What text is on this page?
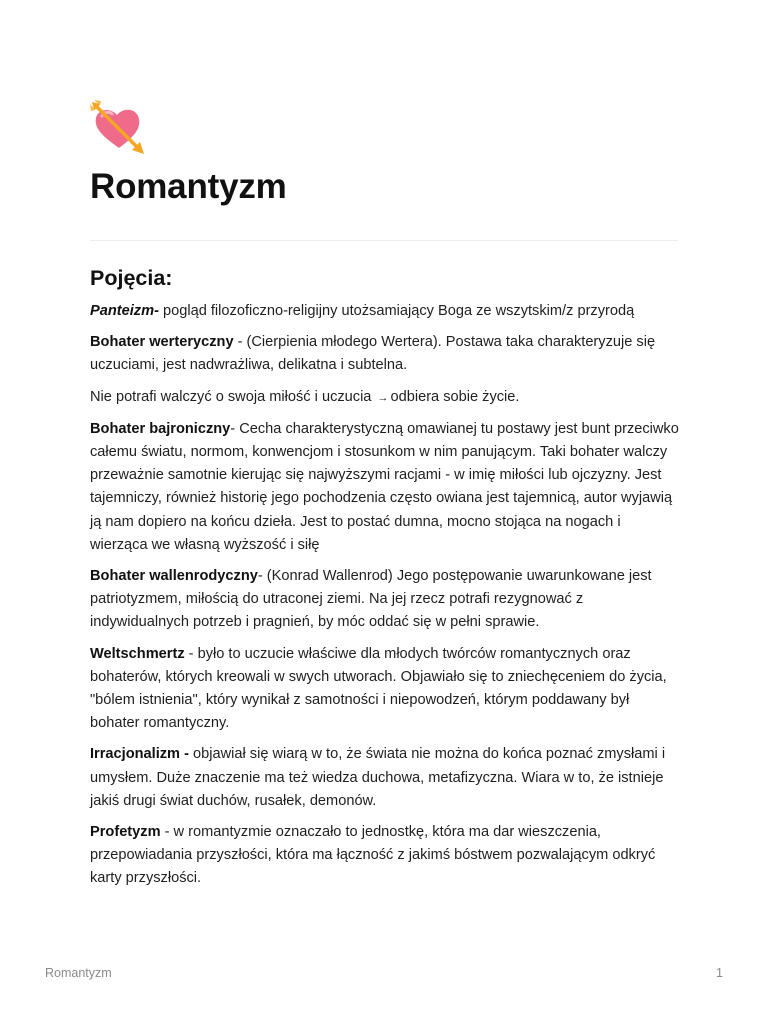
Romantyzm
Pojęcia:

Panteizm- pogląd filozoficzno-religijny utożsamiający Boga ze wszytskim/z przyrodą

Bohater werteryczny - (Cierpienia młodego Wertera). Postawa taka charakteryzuje się uczuciami, jest nadwrażliwa, delikatna i subtelna.

Nie potrafi walczyć o swoja miłość i uczucia → odbiera sobie życie.

Bohater bajroniczny- Cecha charakterystyczną omawianej tu postawy jest bunt przeciwko całemu światu, normom, konwencjom i stosunkom w nim panującym. Taki bohater walczy przeważnie samotnie kierując się najwyższymi racjami - w imię miłości lub ojczyzny. Jest tajemniczy, również historię jego pochodzenia często owiana jest tajemnicą, autor wyjawią ją nam dopiero na końcu dzieła. Jest to postać dumna, mocno stojąca na nogach i wierząca we własną wyższość i siłę

Bohater wallenrodyczny- (Konrad Wallenrod) Jego postępowanie uwarunkowane jest patriotyzmem, miłością do utraconej ziemi. Na jej rzecz potrafi rezygnować z indywidualnych potrzeb i pragnień, by móc oddać się w pełni sprawie.

Weltschmertz - było to uczucie właściwe dla młodych twórców romantycznych oraz bohaterów, których kreowali w swych utworach. Objawiało się to zniechęceniem do życia, "bólem istnienia", który wynikał z samotności i niepowodzeń, którym poddawany był bohater romantyczny.

Irracjonalizm - objawiał się wiarą w to, że świata nie można do końca poznać zmysłami i umysłem. Duże znaczenie ma też wiedza duchowa, metafizyczna. Wiara w to, że istnieje jakiś drugi świat duchów, rusałek, demonów.

Profetyzm - w romantyzmie oznaczało to jednostkę, która ma dar wieszczenia, przepowiadania przyszłości, która ma łączność z jakimś bóstwem pozwalającym odkryć karty przyszłości.

Romantyzm	1
